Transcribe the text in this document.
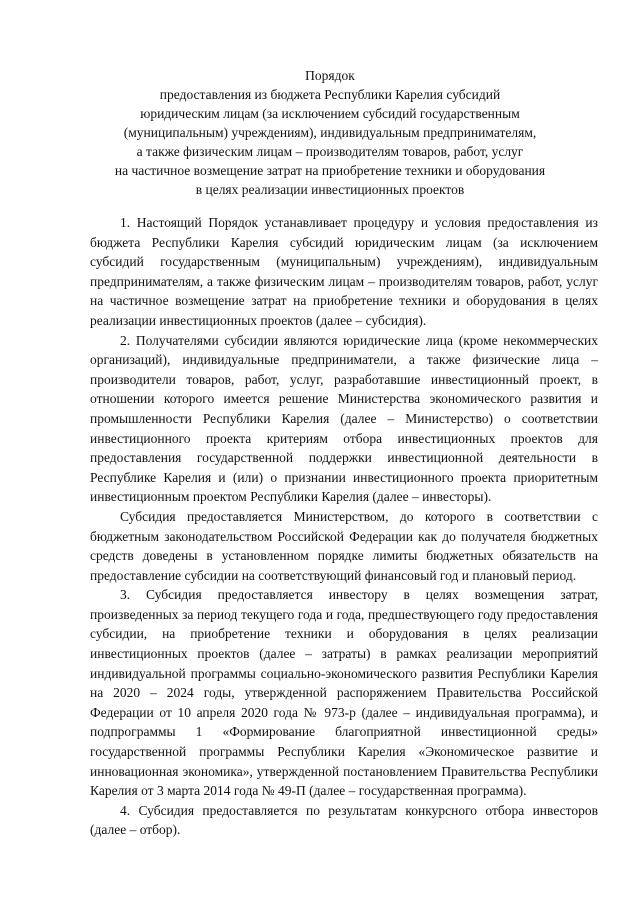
Порядок
предоставления из бюджета Республики Карелия субсидий
юридическим лицам (за исключением субсидий государственным
(муниципальным) учреждениям), индивидуальным предпринимателям,
а также физическим лицам – производителям товаров, работ, услуг
на частичное возмещение затрат на приобретение техники и оборудования
в целях реализации инвестиционных проектов

1. Настоящий Порядок устанавливает процедуру и условия предоставления из бюджета Республики Карелия субсидий юридическим лицам (за исключением субсидий государственным (муниципальным) учреждениям), индивидуальным предпринимателям, а также физическим лицам – производителям товаров, работ, услуг на частичное возмещение затрат на приобретение техники и оборудования в целях реализации инвестиционных проектов (далее – субсидия).

2. Получателями субсидии являются юридические лица (кроме некоммерческих организаций), индивидуальные предприниматели, а также физические лица – производители товаров, работ, услуг, разработавшие инвестиционный проект, в отношении которого имеется решение Министерства экономического развития и промышленности Республики Карелия (далее – Министерство) о соответствии инвестиционного проекта критериям отбора инвестиционных проектов для предоставления государственной поддержки инвестиционной деятельности в Республике Карелия и (или) о признании инвестиционного проекта приоритетным инвестиционным проектом Республики Карелия (далее – инвесторы).

Субсидия предоставляется Министерством, до которого в соответствии с бюджетным законодательством Российской Федерации как до получателя бюджетных средств доведены в установленном порядке лимиты бюджетных обязательств на предоставление субсидии на соответствующий финансовый год и плановый период.

3. Субсидия предоставляется инвестору в целях возмещения затрат, произведенных за период текущего года и года, предшествующего году предоставления субсидии, на приобретение техники и оборудования в целях реализации инвестиционных проектов (далее – затраты) в рамках реализации мероприятий индивидуальной программы социально-экономического развития Республики Карелия на 2020 – 2024 годы, утвержденной распоряжением Правительства Российской Федерации от 10 апреля 2020 года № 973-р (далее – индивидуальная программа), и подпрограммы 1 «Формирование благоприятной инвестиционной среды» государственной программы Республики Карелия «Экономическое развитие и инновационная экономика», утвержденной постановлением Правительства Республики Карелия от 3 марта 2014 года № 49-П (далее – государственная программа).

4. Субсидия предоставляется по результатам конкурсного отбора инвесторов (далее – отбор).
